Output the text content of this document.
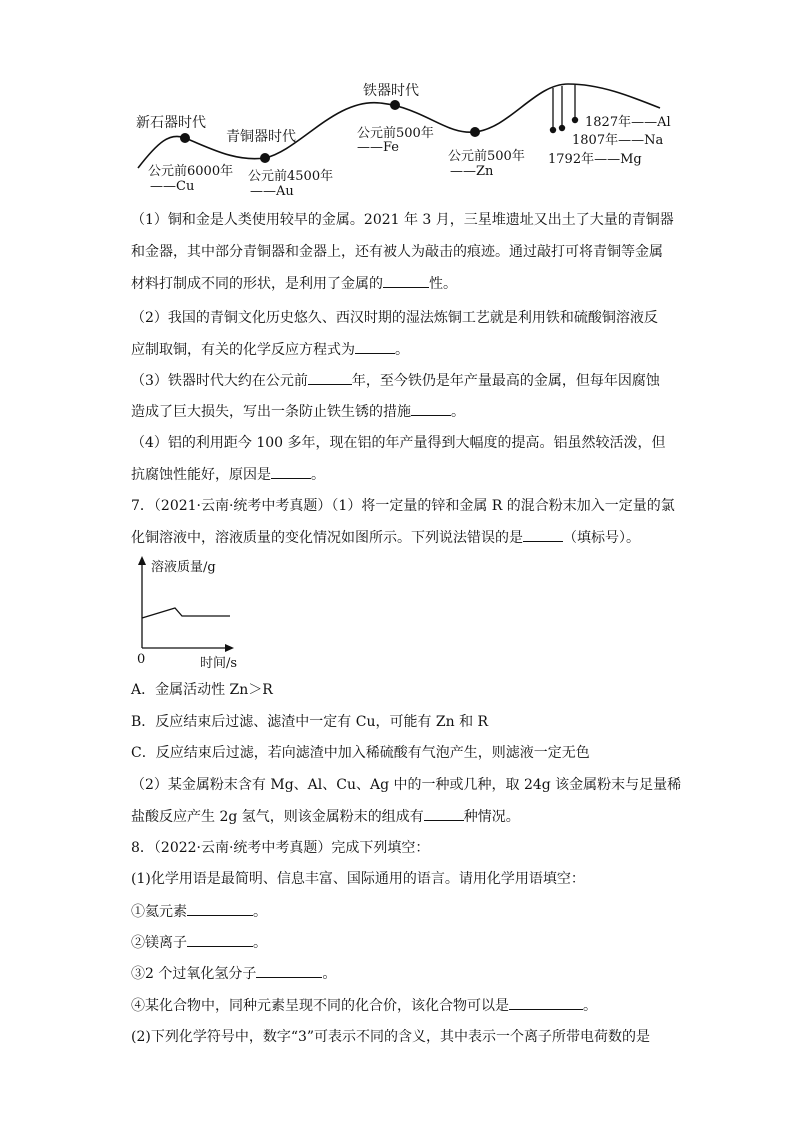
新石器时代
青铜器时代
铁器时代
公元前6000年
——Cu
公元前4500年
——Au
公元前500年
——Fe
公元前500年
——Zn
1827年——Al
1807年——Na
1792年——Mg
（1）铜和金是人类使用较早的金属。2021 年 3 月，三星堆遗址又出土了大量的青铜器
和金器，其中部分青铜器和金器上，还有被人为敲击的痕迹。通过敲打可将青铜等金属
材料打制成不同的形状，是利用了金属的	性。
（2）我国的青铜文化历史悠久、西汉时期的湿法炼铜工艺就是利用铁和硫酸铜溶液反
应制取铜，有关的化学反应方程式为	。
（3）铁器时代大约在公元前	年，至今铁仍是年产量最高的金属，但每年因腐蚀
造成了巨大损失，写出一条防止铁生锈的措施	。
（4）铝的利用距今 100 多年，现在铝的年产量得到大幅度的提高。铝虽然较活泼，但
抗腐蚀性能好，原因是	。
7．（2021·云南·统考中考真题）（1）将一定量的锌和金属 R 的混合粉末加入一定量的氯
化铜溶液中，溶液质量的变化情况如图所示。下列说法错误的是	（填标号）。
溶液质量/g
0	时间/s
A．金属活动性 Zn＞R
B．反应结束后过滤、滤渣中一定有 Cu，可能有 Zn 和 R
C．反应结束后过滤，若向滤渣中加入稀硫酸有气泡产生，则滤液一定无色
（2）某金属粉末含有 Mg、Al、Cu、Ag 中的一种或几种，取 24g 该金属粉末与足量稀
盐酸反应产生 2g 氢气，则该金属粉末的组成有	种情况。
8．（2022·云南·统考中考真题）完成下列填空：
(1)化学用语是最简明、信息丰富、国际通用的语言。请用化学用语填空：
①氦元素	。
②镁离子	。
③2 个过氧化氢分子	。
④某化合物中，同种元素呈现不同的化合价，该化合物可以是	。
(2)下列化学符号中，数字“3”可表示不同的含义，其中表示一个离子所带电荷数的是
